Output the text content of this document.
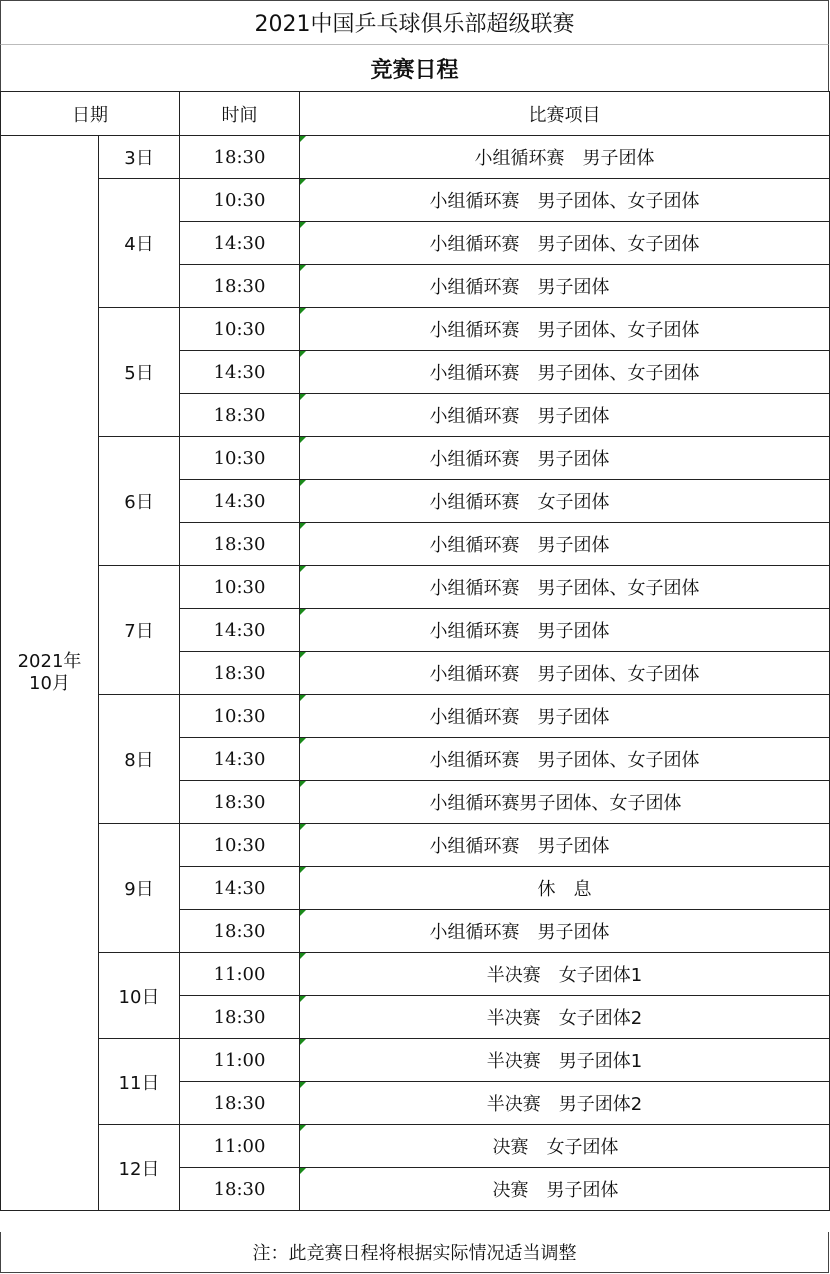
2021中国乒乓球俱乐部超级联赛
竞赛日程
日期		时间	比赛项目
2021年
10月	3日	18:30	小组循环赛　男子团体
	4日	10:30	小组循环赛　男子团体、女子团体
		14:30	小组循环赛　男子团体、女子团体
		18:30	小组循环赛　男子团体　　　　　
	5日	10:30	小组循环赛　男子团体、女子团体
		14:30	小组循环赛　男子团体、女子团体
		18:30	小组循环赛　男子团体　　　　　
	6日	10:30	小组循环赛　男子团体　　　　　
		14:30	小组循环赛　女子团体　　　　　
		18:30	小组循环赛　男子团体　　　　　
	7日	10:30	小组循环赛　男子团体、女子团体
		14:30	小组循环赛　男子团体　　　　　
		18:30	小组循环赛　男子团体、女子团体
	8日	10:30	小组循环赛　男子团体　　　　　
		14:30	小组循环赛　男子团体、女子团体
		18:30	小组循环赛男子团体、女子团体　
	9日	10:30	小组循环赛　男子团体　　　　　
		14:30	休　息
		18:30	小组循环赛　男子团体　　　　　
	10日	11:00	半决赛　女子团体1
		18:30	半决赛　女子团体2
	11日	11:00	半决赛　男子团体1
		18:30	半决赛　男子团体2
	12日	11:00	决赛　女子团体　
		18:30	决赛　男子团体　
注：此竞赛日程将根据实际情况适当调整
